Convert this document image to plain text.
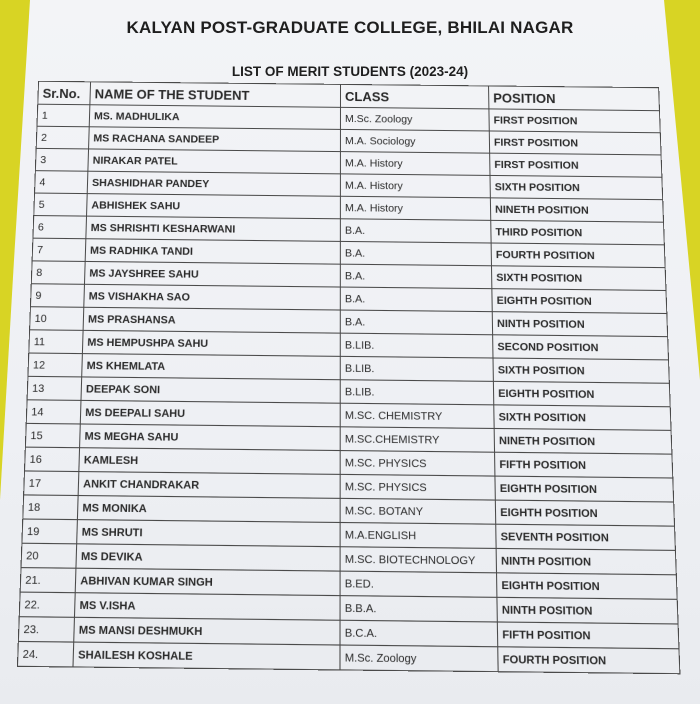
KALYAN POST-GRADUATE COLLEGE, BHILAI NAGAR
LIST OF MERIT STUDENTS (2023-24)
Sr.No.	NAME OF THE STUDENT	CLASS	POSITION
1	MS. MADHULIKA	M.Sc. Zoology	FIRST POSITION
2	MS RACHANA SANDEEP	M.A. Sociology	FIRST POSITION
3	NIRAKAR PATEL	M.A. History	FIRST POSITION
4	SHASHIDHAR PANDEY	M.A. History	SIXTH POSITION
5	ABHISHEK SAHU	M.A. History	NINETH POSITION
6	MS SHRISHTI KESHARWANI	B.A.	THIRD POSITION
7	MS RADHIKA TANDI	B.A.	FOURTH POSITION
8	MS JAYSHREE SAHU	B.A.	SIXTH POSITION
9	MS VISHAKHA SAO	B.A.	EIGHTH POSITION
10	MS PRASHANSA	B.A.	NINTH POSITION
11	MS HEMPUSHPA SAHU	B.LIB.	SECOND POSITION
12	MS KHEMLATA	B.LIB.	SIXTH POSITION
13	DEEPAK SONI	B.LIB.	EIGHTH POSITION
14	MS DEEPALI SAHU	M.SC. CHEMISTRY	SIXTH POSITION
15	MS MEGHA SAHU	M.SC.CHEMISTRY	NINETH POSITION
16	KAMLESH	M.SC. PHYSICS	FIFTH POSITION
17	ANKIT CHANDRAKAR	M.SC. PHYSICS	EIGHTH POSITION
18	MS MONIKA	M.SC. BOTANY	EIGHTH POSITION
19	MS SHRUTI	M.A.ENGLISH	SEVENTH POSITION
20	MS DEVIKA	M.SC. BIOTECHNOLOGY	NINTH POSITION
21.	ABHIVAN KUMAR SINGH	B.ED.	EIGHTH POSITION
22.	MS V.ISHA	B.B.A.	NINTH POSITION
23.	MS MANSI DESHMUKH	B.C.A.	FIFTH POSITION
24.	SHAILESH KOSHALE	M.Sc. Zoology	FOURTH POSITION
